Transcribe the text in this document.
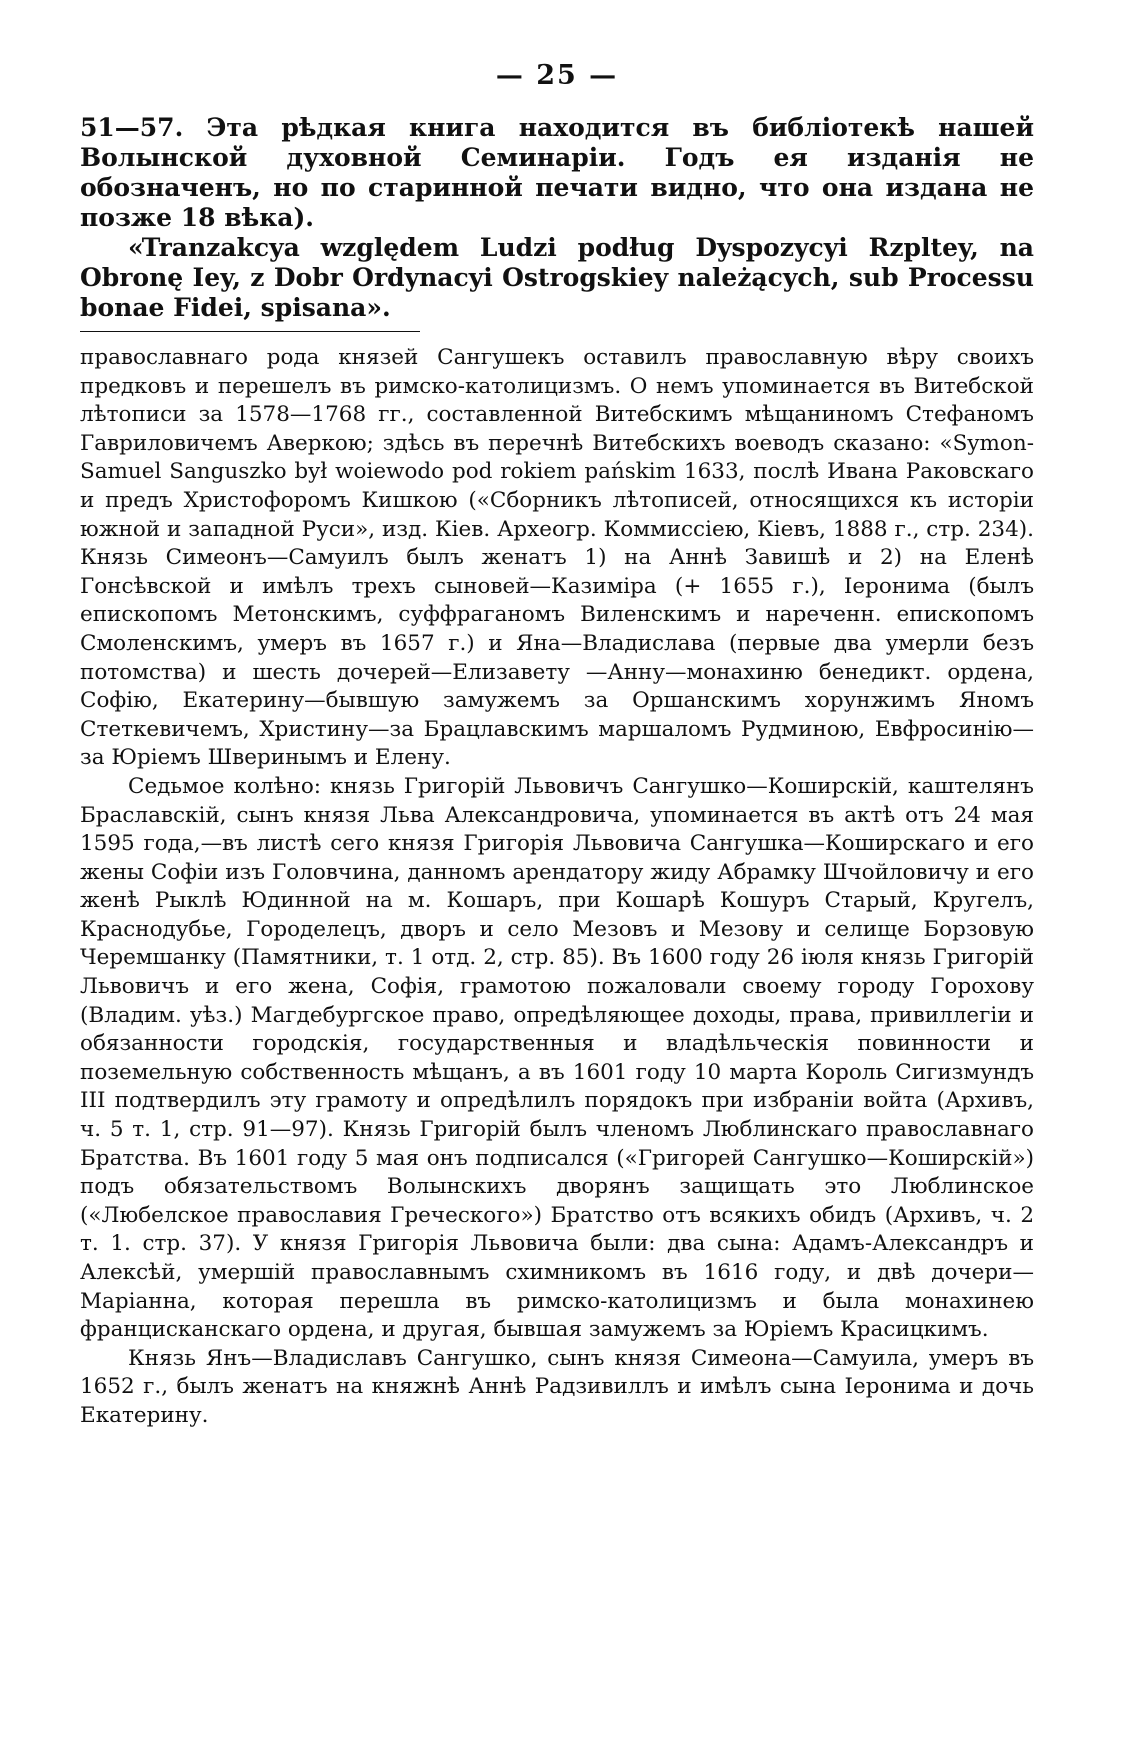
— 25 —

51—57. Эта рѣдкая книга находится въ библіотекѣ нашей Волынской духовной Семинаріи. Годъ ея изданія не обозначенъ, но по старинной печати видно, что она издана не позже 18 вѣка).

«Tranzakcya względem Ludzi podług Dyspozycyi Rzpltey, na Obronę Iey, z Dobr Ordynacyi Ostrogskiey należących, sub Processu bonae Fidei, spisana».

православнаго рода князей Сангушекъ оставилъ православную вѣру своихъ предковъ и перешелъ въ римско-католицизмъ. О немъ упоминается въ Витебской лѣтописи за 1578—1768 гг., составленной Витебскимъ мѣщаниномъ Стефаномъ Гавриловичемъ Аверкою; здѣсь въ перечнѣ Витебскихъ воеводъ сказано: «Symon-Samuel Sanguszko był woiewodo pod rokiem pańskim 1633, послѣ Ивана Раковскаго и предъ Христофоромъ Кишкою («Сборникъ лѣтописей, относящихся къ исторіи южной и западной Руси», изд. Кіев. Археогр. Коммиссіею, Кіевъ, 1888 г., стр. 234). Князь Симеонъ—Самуилъ былъ женатъ 1) на Аннѣ Завишѣ и 2) на Еленѣ Гонсѣвской и имѣлъ трехъ сыновей—Казиміра (+ 1655 г.), Іеронима (былъ епископомъ Метонскимъ, суффраганомъ Виленскимъ и нареченн. епископомъ Смоленскимъ, умеръ въ 1657 г.) и Яна—Владислава (первые два умерли безъ потомства) и шесть дочерей—Елизавету —Анну—монахиню бенедикт. ордена, Софію, Екатерину—бывшую замужемъ за Оршанскимъ хорунжимъ Яномъ Стеткевичемъ, Христину—за Брацлавскимъ маршаломъ Рудминою, Евфросинію—за Юріемъ Шверинымъ и Елену.

Седьмое колѣно: князь Григорій Львовичъ Сангушко—Коширскій, каштелянъ Браславскій, сынъ князя Льва Александровича, упоминается въ актѣ отъ 24 мая 1595 года,—въ листѣ сего князя Григорія Львовича Сангушка—Коширскаго и его жены Софіи изъ Головчина, данномъ арендатору жиду Абрамку Шчойловичу и его женѣ Рыклѣ Юдинной на м. Кошаръ, при Кошарѣ Кошуръ Старый, Кругелъ, Краснодубье, Городелецъ, дворъ и село Мезовъ и Мезову и селище Борзовую Черемшанку (Памятники, т. 1 отд. 2, стр. 85). Въ 1600 году 26 іюля князь Григорій Львовичъ и его жена, Софія, грамотою пожаловали своему городу Горохову (Владим. уѣз.) Магдебургское право, опредѣляющее доходы, права, привиллегіи и обязанности городскія, государственныя и владѣльческія повинности и поземельную собственность мѣщанъ, а въ 1601 году 10 марта Король Сигизмундъ III подтвердилъ эту грамоту и опредѣлилъ порядокъ при избраніи войта (Архивъ, ч. 5 т. 1, стр. 91—97). Князь Григорій былъ членомъ Люблинскаго православнаго Братства. Въ 1601 году 5 мая онъ подписался («Григорей Сангушко—Коширскій») подъ обязательствомъ Волынскихъ дворянъ защищать это Люблинское («Любелское православия Греческого») Братство отъ всякихъ обидъ (Архивъ, ч. 2 т. 1. стр. 37). У князя Григорія Львовича были: два сына: Адамъ-Александръ и Алексѣй, умершій православнымъ схимникомъ въ 1616 году, и двѣ дочери—Маріанна, которая перешла въ римско-католицизмъ и была монахинею францисканскаго ордена, и другая, бывшая замужемъ за Юріемъ Красицкимъ.

Князь Янъ—Владиславъ Сангушко, сынъ князя Симеона—Самуила, умеръ въ 1652 г., былъ женатъ на княжнѣ Аннѣ Радзивиллъ и имѣлъ сына Іеронима и дочь Екатерину.
